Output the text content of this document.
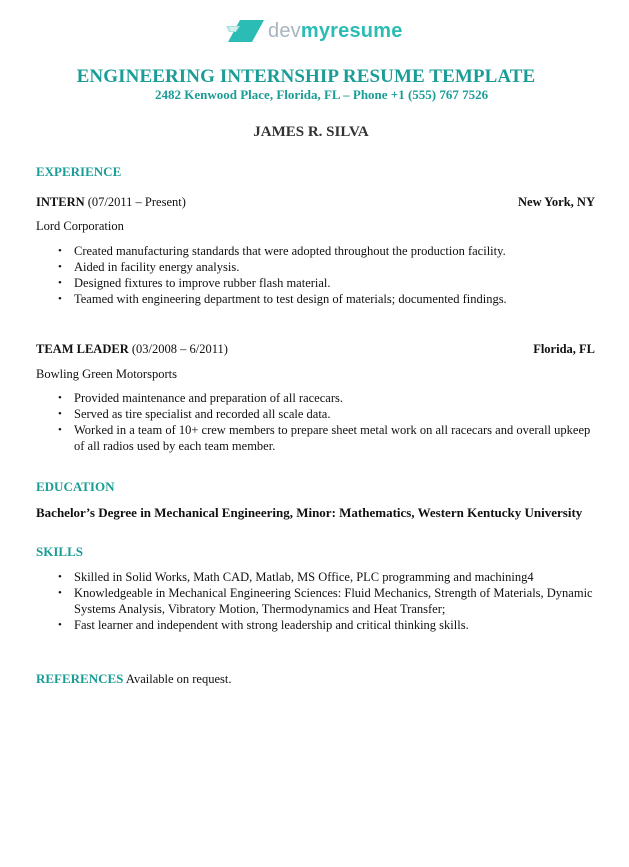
devmyresume
ENGINEERING INTERNSHIP RESUME TEMPLATE
2482 Kenwood Place, Florida, FL – Phone +1 (555) 767 7526
JAMES R. SILVA
EXPERIENCE
INTERN (07/2011 – Present)	New York, NY
Lord Corporation
• Created manufacturing standards that were adopted throughout the production facility.
• Aided in facility energy analysis.
• Designed fixtures to improve rubber flash material.
• Teamed with engineering department to test design of materials; documented findings.
TEAM LEADER (03/2008 – 6/2011)	Florida, FL
Bowling Green Motorsports
• Provided maintenance and preparation of all racecars.
• Served as tire specialist and recorded all scale data.
• Worked in a team of 10+ crew members to prepare sheet metal work on all racecars and overall upkeep of all radios used by each team member.
EDUCATION
Bachelor’s Degree in Mechanical Engineering, Minor: Mathematics, Western Kentucky University
SKILLS
• Skilled in Solid Works, Math CAD, Matlab, MS Office, PLC programming and machining4
• Knowledgeable in Mechanical Engineering Sciences: Fluid Mechanics, Strength of Materials, Dynamic Systems Analysis, Vibratory Motion, Thermodynamics and Heat Transfer;
• Fast learner and independent with strong leadership and critical thinking skills.
REFERENCES Available on request.
